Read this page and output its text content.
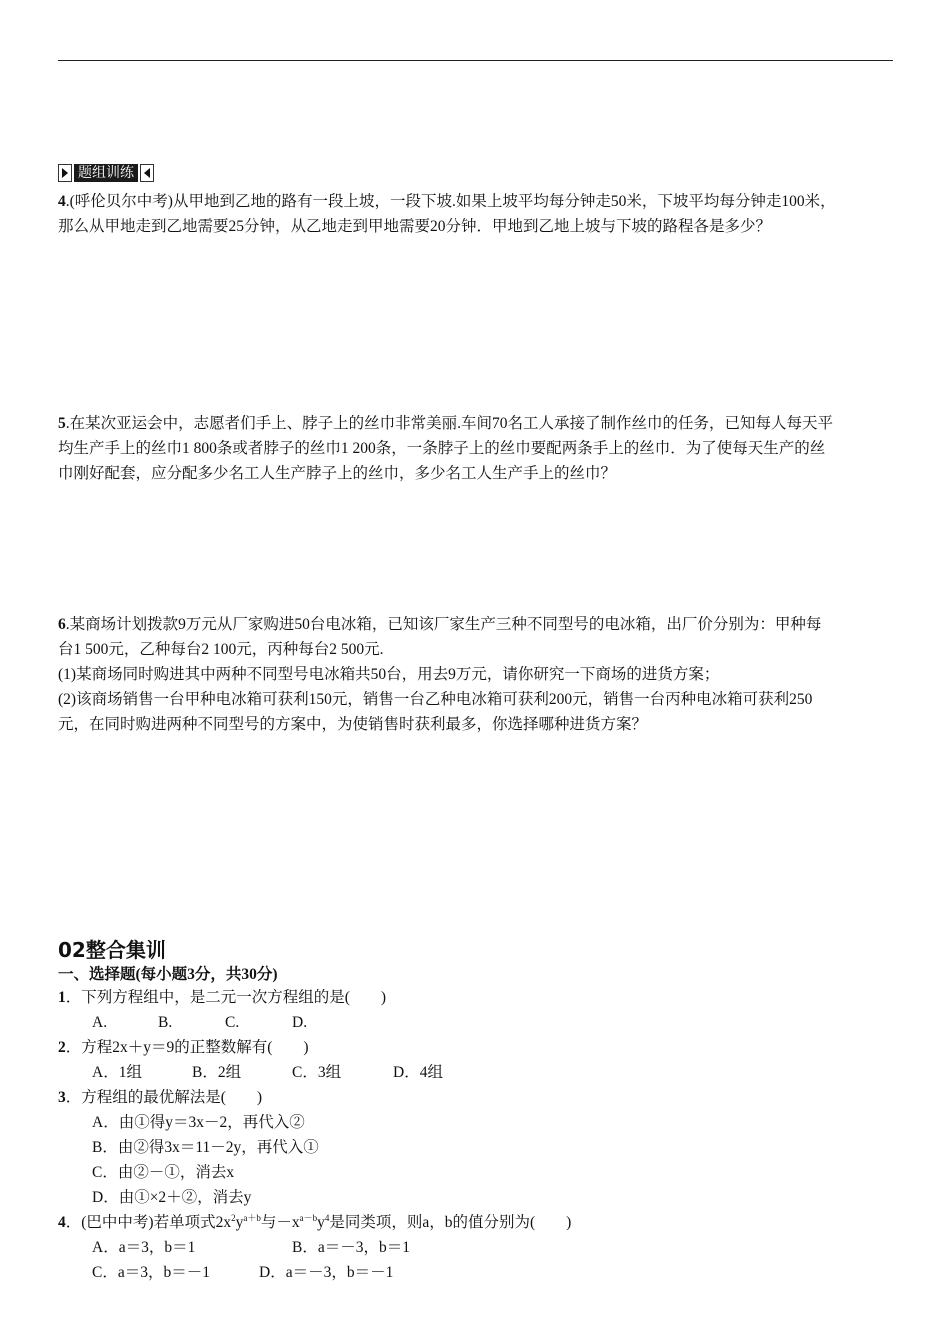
题组训练
4.(呼伦贝尔中考)从甲地到乙地的路有一段上坡，一段下坡.如果上坡平均每分钟走50米，下坡平均每分钟走100米，
那么从甲地走到乙地需要25分钟，从乙地走到甲地需要20分钟．甲地到乙地上坡与下坡的路程各是多少？
5.在某次亚运会中，志愿者们手上、脖子上的丝巾非常美丽.车间70名工人承接了制作丝巾的任务，已知每人每天平
均生产手上的丝巾1 800条或者脖子的丝巾1 200条，一条脖子上的丝巾要配两条手上的丝巾．为了使每天生产的丝
巾刚好配套，应分配多少名工人生产脖子上的丝巾，多少名工人生产手上的丝巾？
6.某商场计划拨款9万元从厂家购进50台电冰箱，已知该厂家生产三种不同型号的电冰箱，出厂价分别为：甲种每
台1 500元，乙种每台2 100元，丙种每台2 500元.
(1)某商场同时购进其中两种不同型号电冰箱共50台，用去9万元，请你研究一下商场的进货方案；
(2)该商场销售一台甲种电冰箱可获利150元，销售一台乙种电冰箱可获利200元，销售一台丙种电冰箱可获利250
元，在同时购进两种不同型号的方案中，为使销售时获利最多，你选择哪种进货方案？
02整合集训
一、选择题(每小题3分，共30分)
1．下列方程组中，是二元一次方程组的是(　　)
A.	B.	C.	D.
2．方程2x＋y＝9的正整数解有(　　)
A．1组	B．2组	C．3组	D．4组
3．方程组的最优解法是(　　)
A．由①得y＝3x－2，再代入②
B．由②得3x＝11－2y，再代入①
C．由②－①，消去x
D．由①×2＋②，消去y
4．(巴中中考)若单项式$2x^2y^{a+b}$与$-x^{a-b}y^4$是同类项，则a，b的值分别为(　　)
A．a＝3，b＝1	B．a＝－3，b＝1
C．a＝3，b＝－1	D．a＝－3，b＝－1
